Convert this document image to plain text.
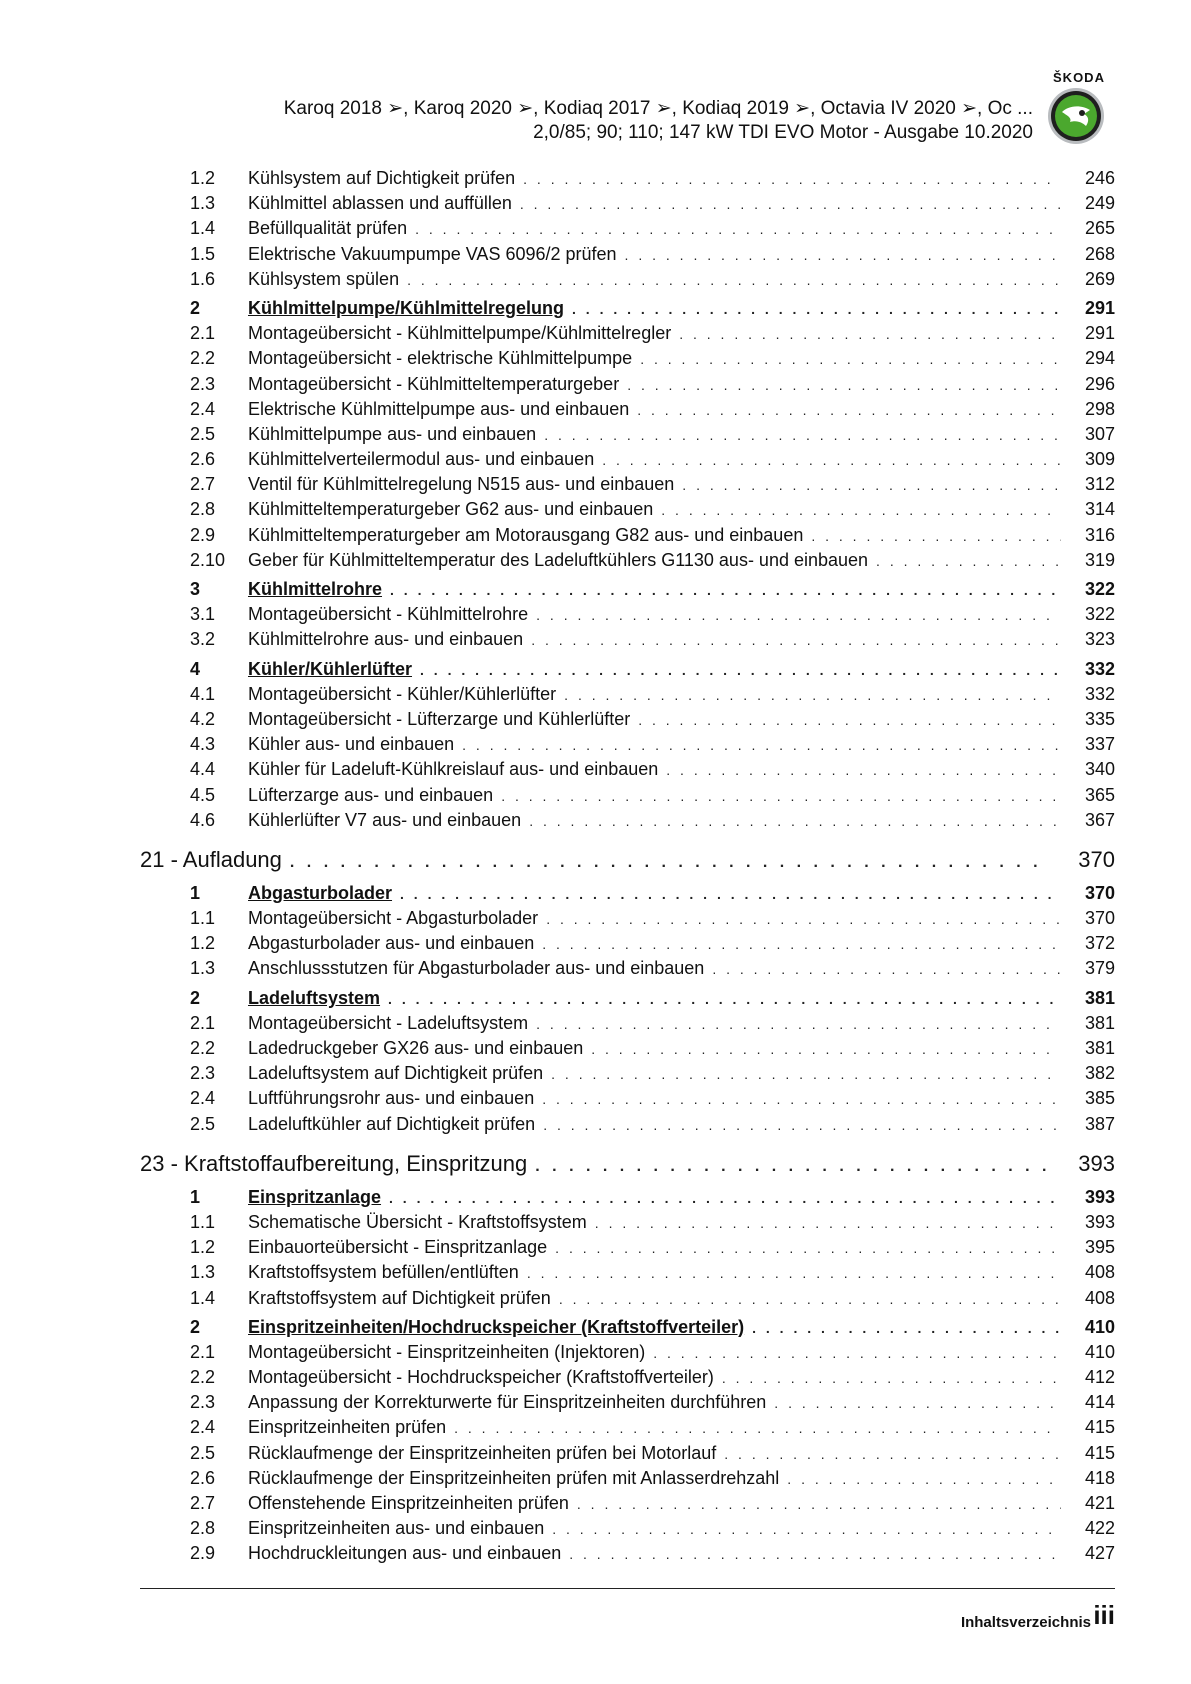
ŠKODA
Karoq 2018 ➢, Karoq 2020 ➢, Kodiaq 2017 ➢, Kodiaq 2019 ➢, Octavia IV 2020 ➢, Oc ...
2,0/85; 90; 110; 147 kW TDI EVO Motor - Ausgabe 10.2020
1.2	Kühlsystem auf Dichtigkeit prüfen . . .	246
1.3	Kühlmittel ablassen und auffüllen . . .	249
1.4	Befüllqualität prüfen . . .	265
1.5	Elektrische Vakuumpumpe VAS 6096/2 prüfen . . .	268
1.6	Kühlsystem spülen . . .	269
2	Kühlmittelpumpe/Kühlmittelregelung . . .	291
2.1	Montageübersicht - Kühlmittelpumpe/Kühlmittelregler . . .	291
2.2	Montageübersicht - elektrische Kühlmittelpumpe . . .	294
2.3	Montageübersicht - Kühlmitteltemperaturgeber . . .	296
2.4	Elektrische Kühlmittelpumpe aus- und einbauen . . .	298
2.5	Kühlmittelpumpe aus- und einbauen . . .	307
2.6	Kühlmittelverteilermodul aus- und einbauen . . .	309
2.7	Ventil für Kühlmittelregelung N515 aus- und einbauen . . .	312
2.8	Kühlmitteltemperaturgeber G62 aus- und einbauen . . .	314
2.9	Kühlmitteltemperaturgeber am Motorausgang G82 aus- und einbauen . . .	316
2.10	Geber für Kühlmitteltemperatur des Ladeluftkühlers G1130 aus- und einbauen . . .	319
3	Kühlmittelrohre . . .	322
3.1	Montageübersicht - Kühlmittelrohre . . .	322
3.2	Kühlmittelrohre aus- und einbauen . . .	323
4	Kühler/Kühlerlüfter . . .	332
4.1	Montageübersicht - Kühler/Kühlerlüfter . . .	332
4.2	Montageübersicht - Lüfterzarge und Kühlerlüfter . . .	335
4.3	Kühler aus- und einbauen . . .	337
4.4	Kühler für Ladeluft-Kühlkreislauf aus- und einbauen . . .	340
4.5	Lüfterzarge aus- und einbauen . . .	365
4.6	Kühlerlüfter V7 aus- und einbauen . . .	367
21 - Aufladung . . .	370
1	Abgasturbolader . . .	370
1.1	Montageübersicht - Abgasturbolader . . .	370
1.2	Abgasturbolader aus- und einbauen . . .	372
1.3	Anschlussstutzen für Abgasturbolader aus- und einbauen . . .	379
2	Ladeluftsystem . . .	381
2.1	Montageübersicht - Ladeluftsystem . . .	381
2.2	Ladedruckgeber GX26 aus- und einbauen . . .	381
2.3	Ladeluftsystem auf Dichtigkeit prüfen . . .	382
2.4	Luftführungsrohr aus- und einbauen . . .	385
2.5	Ladeluftkühler auf Dichtigkeit prüfen . . .	387
23 - Kraftstoffaufbereitung, Einspritzung . . .	393
1	Einspritzanlage . . .	393
1.1	Schematische Übersicht - Kraftstoffsystem . . .	393
1.2	Einbauorteübersicht - Einspritzanlage . . .	395
1.3	Kraftstoffsystem befüllen/entlüften . . .	408
1.4	Kraftstoffsystem auf Dichtigkeit prüfen . . .	408
2	Einspritzeinheiten/Hochdruckspeicher (Kraftstoffverteiler) . . .	410
2.1	Montageübersicht - Einspritzeinheiten (Injektoren) . . .	410
2.2	Montageübersicht - Hochdruckspeicher (Kraftstoffverteiler) . . .	412
2.3	Anpassung der Korrekturwerte für Einspritzeinheiten durchführen . . .	414
2.4	Einspritzeinheiten prüfen . . .	415
2.5	Rücklaufmenge der Einspritzeinheiten prüfen bei Motorlauf . . .	415
2.6	Rücklaufmenge der Einspritzeinheiten prüfen mit Anlasserdrehzahl . . .	418
2.7	Offenstehende Einspritzeinheiten prüfen . . .	421
2.8	Einspritzeinheiten aus- und einbauen . . .	422
2.9	Hochdruckleitungen aus- und einbauen . . .	427
Inhaltsverzeichnis iii
